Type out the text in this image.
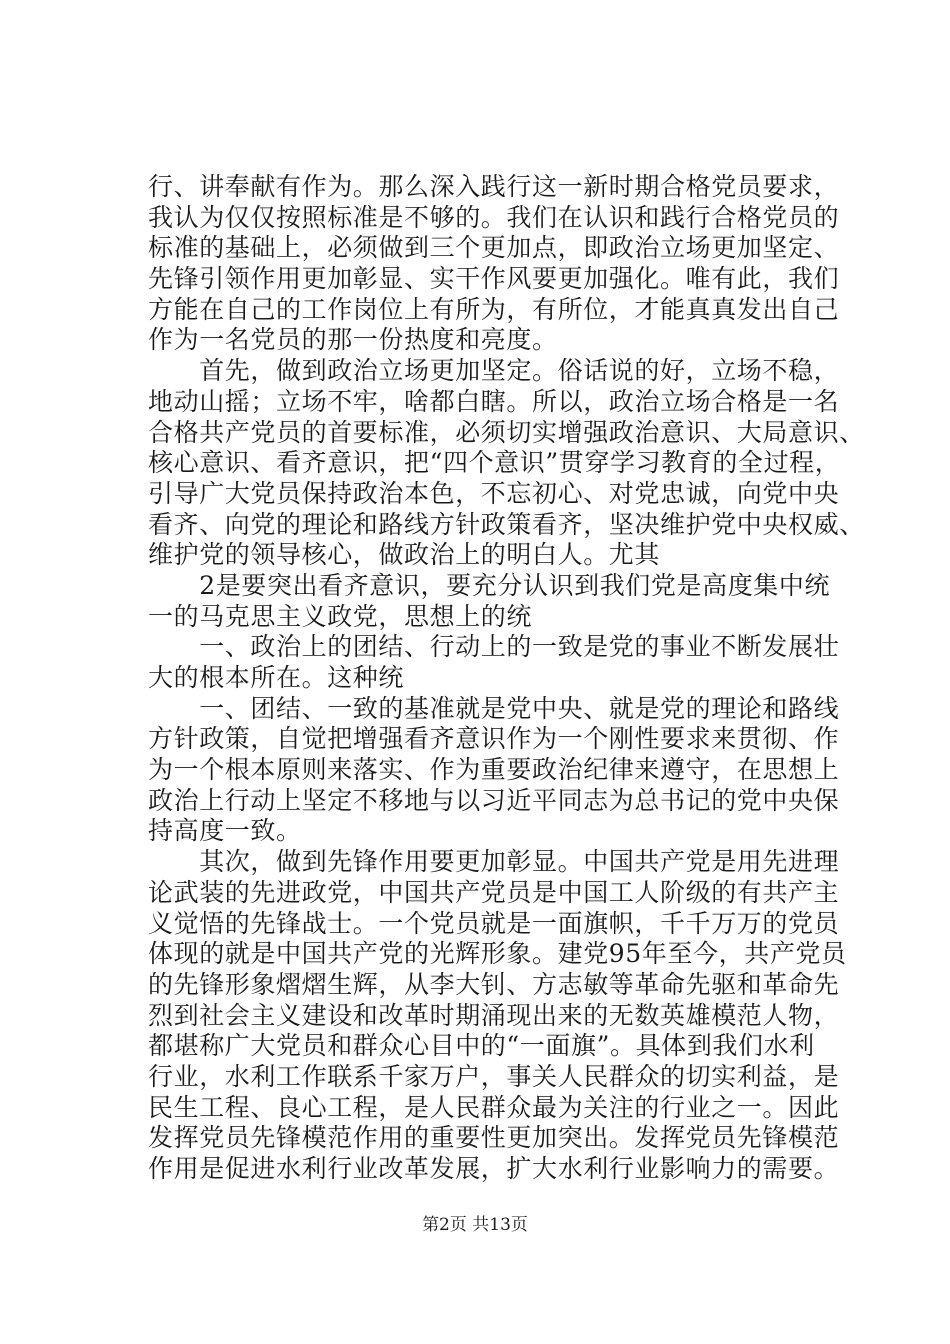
行、讲奉献有作为。那么深入践行这一新时期合格党员要求，
我认为仅仅按照标准是不够的。我们在认识和践行合格党员的
标准的基础上，必须做到三个更加点，即政治立场更加坚定、
先锋引领作用更加彰显、实干作风要更加强化。唯有此，我们
方能在自己的工作岗位上有所为，有所位，才能真真发出自己
作为一名党员的那一份热度和亮度。
　　首先，做到政治立场更加坚定。俗话说的好，立场不稳，
地动山摇；立场不牢，啥都白瞎。所以，政治立场合格是一名
合格共产党员的首要标准，必须切实增强政治意识、大局意识、
核心意识、看齐意识，把“四个意识”贯穿学习教育的全过程，
引导广大党员保持政治本色，不忘初心、对党忠诚，向党中央
看齐、向党的理论和路线方针政策看齐，坚决维护党中央权威、
维护党的领导核心，做政治上的明白人。尤其
　　2是要突出看齐意识，要充分认识到我们党是高度集中统
一的马克思主义政党，思想上的统
　　一、政治上的团结、行动上的一致是党的事业不断发展壮
大的根本所在。这种统
　　一、团结、一致的基准就是党中央、就是党的理论和路线
方针政策，自觉把增强看齐意识作为一个刚性要求来贯彻、作
为一个根本原则来落实、作为重要政治纪律来遵守，在思想上
政治上行动上坚定不移地与以习近平同志为总书记的党中央保
持高度一致。
　　其次，做到先锋作用要更加彰显。中国共产党是用先进理
论武装的先进政党，中国共产党员是中国工人阶级的有共产主
义觉悟的先锋战士。一个党员就是一面旗帜，千千万万的党员
体现的就是中国共产党的光辉形象。建党95年至今，共产党员
的先锋形象熠熠生辉，从李大钊、方志敏等革命先驱和革命先
烈到社会主义建设和改革时期涌现出来的无数英雄模范人物，
都堪称广大党员和群众心目中的“一面旗”。具体到我们水利
行业，水利工作联系千家万户，事关人民群众的切实利益，是
民生工程、良心工程，是人民群众最为关注的行业之一。因此
发挥党员先锋模范作用的重要性更加突出。发挥党员先锋模范
作用是促进水利行业改革发展，扩大水利行业影响力的需要。
第2页 共13页
